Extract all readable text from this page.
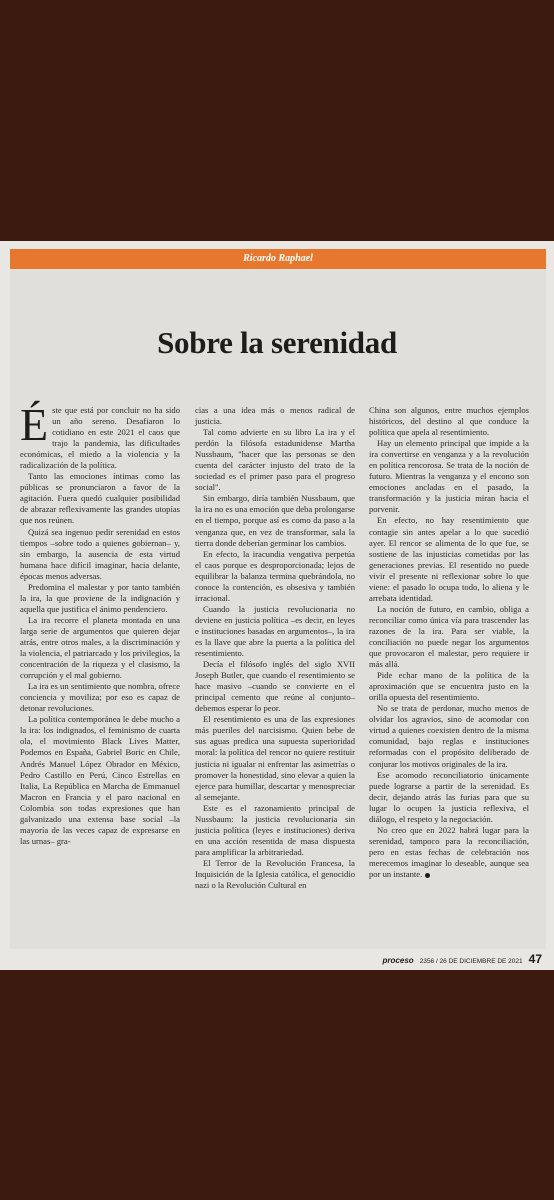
Ricardo Raphael
Sobre la serenidad
É ste que está por concluir no ha sido un año sereno. Desafiaron lo cotidiano en este 2021 el caos que trajo la pandemia, las dificultades económicas, el miedo a la violencia y la radicalización de la política.

Tanto las emociones íntimas como las públicas se pronunciaron a favor de la agitación. Fuera quedó cualquier posibilidad de abrazar reflexivamente las grandes utopías que nos reúnen.

Quizá sea ingenuo pedir serenidad en estos tiempos –sobre todo a quienes gobiernan– y, sin embargo, la ausencia de esta virtud humana hace difícil imaginar, hacia delante, épocas menos adversas.

Predomina el malestar y por tanto también la ira, la que proviene de la indignación y aquella que justifica el ánimo pendenciero.

La ira recorre el planeta montada en una larga serie de argumentos que quieren dejar atrás, entre otros males, a la discriminación y la violencia, el patriarcado y los privilegios, la concentración de la riqueza y el clasismo, la corrupción y el mal gobierno.

La ira es un sentimiento que nombra, ofrece conciencia y moviliza; por eso es capaz de detonar revoluciones.

La política contemporánea le debe mucho a la ira: los indignados, el feminismo de cuarta ola, el movimiento Black Lives Matter, Podemos en España, Gabriel Boric en Chile, Andrés Manuel López Obrador en México, Pedro Castillo en Perú, Cinco Estrellas en Italia, La República en Marcha de Emmanuel Macron en Francia y el paro nacional en Colombia son todas expresiones que han galvanizado una extensa base social –la mayoría de las veces capaz de expresarse en las urnas– gra-

cias a una idea más o menos radical de justicia.

Tal como advierte en su libro La ira y el perdón la filósofa estadunidense Martha Nussbaum, "hacer que las personas se den cuenta del carácter injusto del trato de la sociedad es el primer paso para el progreso social".

Sin embargo, diría también Nussbaum, que la ira no es una emoción que deba prolongarse en el tiempo, porque así es como da paso a la venganza que, en vez de transformar, sala la tierra donde deberían germinar los cambios.

En efecto, la iracundia vengativa perpetúa el caos porque es desproporcionada; lejos de equilibrar la balanza termina quebrándola, no conoce la contención, es obsesiva y también irracional.

Cuando la justicia revolucionaria no deviene en justicia política –es decir, en leyes e instituciones basadas en argumentos–, la ira es la llave que abre la puerta a la política del resentimiento.

Decía el filósofo inglés del siglo XVII Joseph Butler, que cuando el resentimiento se hace masivo –cuando se convierte en el principal cemento que reúne al conjunto– debemos esperar lo peor.

El resentimiento es una de las expresiones más pueriles del narcisismo. Quien bebe de sus aguas predica una supuesta superioridad moral: la política del rencor no quiere restituir justicia ni igualar ni enfrentar las asimetrías o promover la honestidad, sino elevar a quien la ejerce para humillar, descartar y menospreciar al semejante.

Este es el razonamiento principal de Nussbaum: la justicia revolucionaria sin justicia política (leyes e instituciones) deriva en una acción resentida de masa dispuesta para amplificar la arbitrariedad.

El Terror de la Revolución Francesa, la Inquisición de la Iglesia católica, el genocidio nazi o la Revolución Cultural en

China son algunos, entre muchos ejemplos históricos, del destino al que conduce la política que apela al resentimiento.

Hay un elemento principal que impide a la ira convertirse en venganza y a la revolución en política rencorosa. Se trata de la noción de futuro. Mientras la venganza y el encono son emociones ancladas en el pasado, la transformación y la justicia miran hacia el porvenir.

En efecto, no hay resentimiento que contagie sin antes apelar a lo que sucedió ayer. El rencor se alimenta de lo que fue, se sostiene de las injusticias cometidas por las generaciones previas. El resentido no puede vivir el presente ni reflexionar sobre lo que viene: el pasado lo ocupa todo, lo aliena y le arrebata identidad.

La noción de futuro, en cambio, obliga a reconciliar como única vía para trascender las razones de la ira. Para ser viable, la conciliación no puede negar los argumentos que provocaron el malestar, pero requiere ir más allá.

Pide echar mano de la política de la aproximación que se encuentra justo en la orilla opuesta del resentimiento.

No se trata de perdonar, mucho menos de olvidar los agravios, sino de acomodar con virtud a quienes coexisten dentro de la misma comunidad, bajo reglas e instituciones reformadas con el propósito deliberado de conjurar los motivos originales de la ira.

Ese acomodo reconciliatorio únicamente puede lograrse a partir de la serenidad. Es decir, dejando atrás las furias para que su lugar lo ocupen la justicia reflexiva, el diálogo, el respeto y la negociación.

No creo que en 2022 habrá lugar para la serenidad, tampoco para la reconciliación, pero en estas fechas de celebración nos merecemos imaginar lo deseable, aunque sea por un instante.

proceso 2356 / 26 DE DICIEMBRE DE 2021 47
